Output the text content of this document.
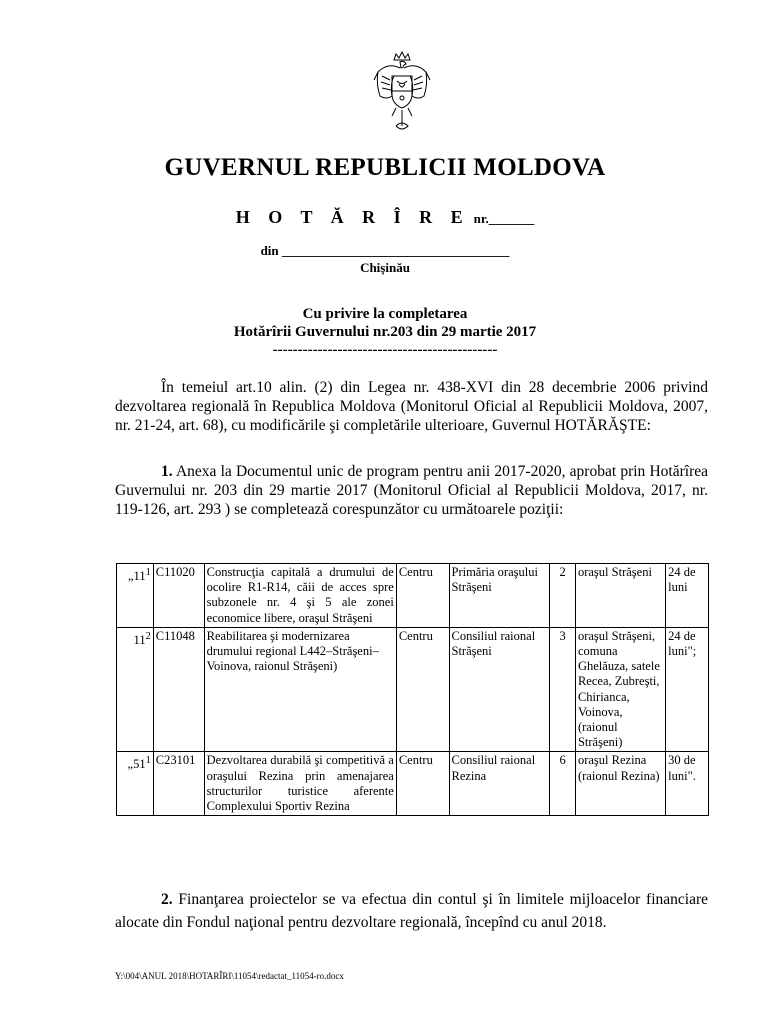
GUVERNUL REPUBLICII MOLDOVA
H O T Ă R Î R E nr._______
din ___________________________________
Chişinău
Cu privire la completarea
Hotărîrii Guvernului nr.203 din 29 martie 2017
---------------------------------------------

În temeiul art.10 alin. (2) din Legea nr. 438-XVI din 28 decembrie 2006 privind dezvoltarea regională în Republica Moldova (Monitorul Oficial al Republicii Moldova, 2007, nr. 21-24, art. 68), cu modificările şi completările ulterioare, Guvernul HOTĂRĂŞTE:

1. Anexa la Documentul unic de program pentru anii 2017-2020, aprobat prin Hotărîrea Guvernului nr. 203 din 29 martie 2017 (Monitorul Oficial al Republicii Moldova, 2017, nr. 119-126, art. 293 ) se completează corespunzător cu următoarele poziţii:

$„11^1$	C11020	Construcţia capitală a drumului de ocolire R1-R14, căii de acces spre subzonele nr. 4 şi 5 ale zonei economice libere, oraşul Străşeni	Centru	Primăria oraşului Străşeni	2	oraşul Străşeni	24 de luni
$11^2$	C11048	Reabilitarea şi modernizarea drumului regional L442–Străşeni–Voinova, raionul Străşeni)	Centru	Consiliul raional Străşeni	3	oraşul Străşeni, comuna Ghelăuza, satele Recea, Zubreşti, Chirianca, Voinova, (raionul Străşeni)	24 de luni";
$„51^1$	C23101	Dezvoltarea durabilă şi competitivă a oraşului Rezina prin amenajarea structurilor turistice aferente Complexului Sportiv Rezina	Centru	Consiliul raional Rezina	6	oraşul Rezina (raionul Rezina)	30 de luni".

2. Finanţarea proiectelor se va efectua din contul şi în limitele mijloacelor financiare alocate din Fondul naţional pentru dezvoltare regională, începînd cu anul 2018.

Y:\004\ANUL 2018\HOTARÎRI\11054\redactat_11054-ro.docx
